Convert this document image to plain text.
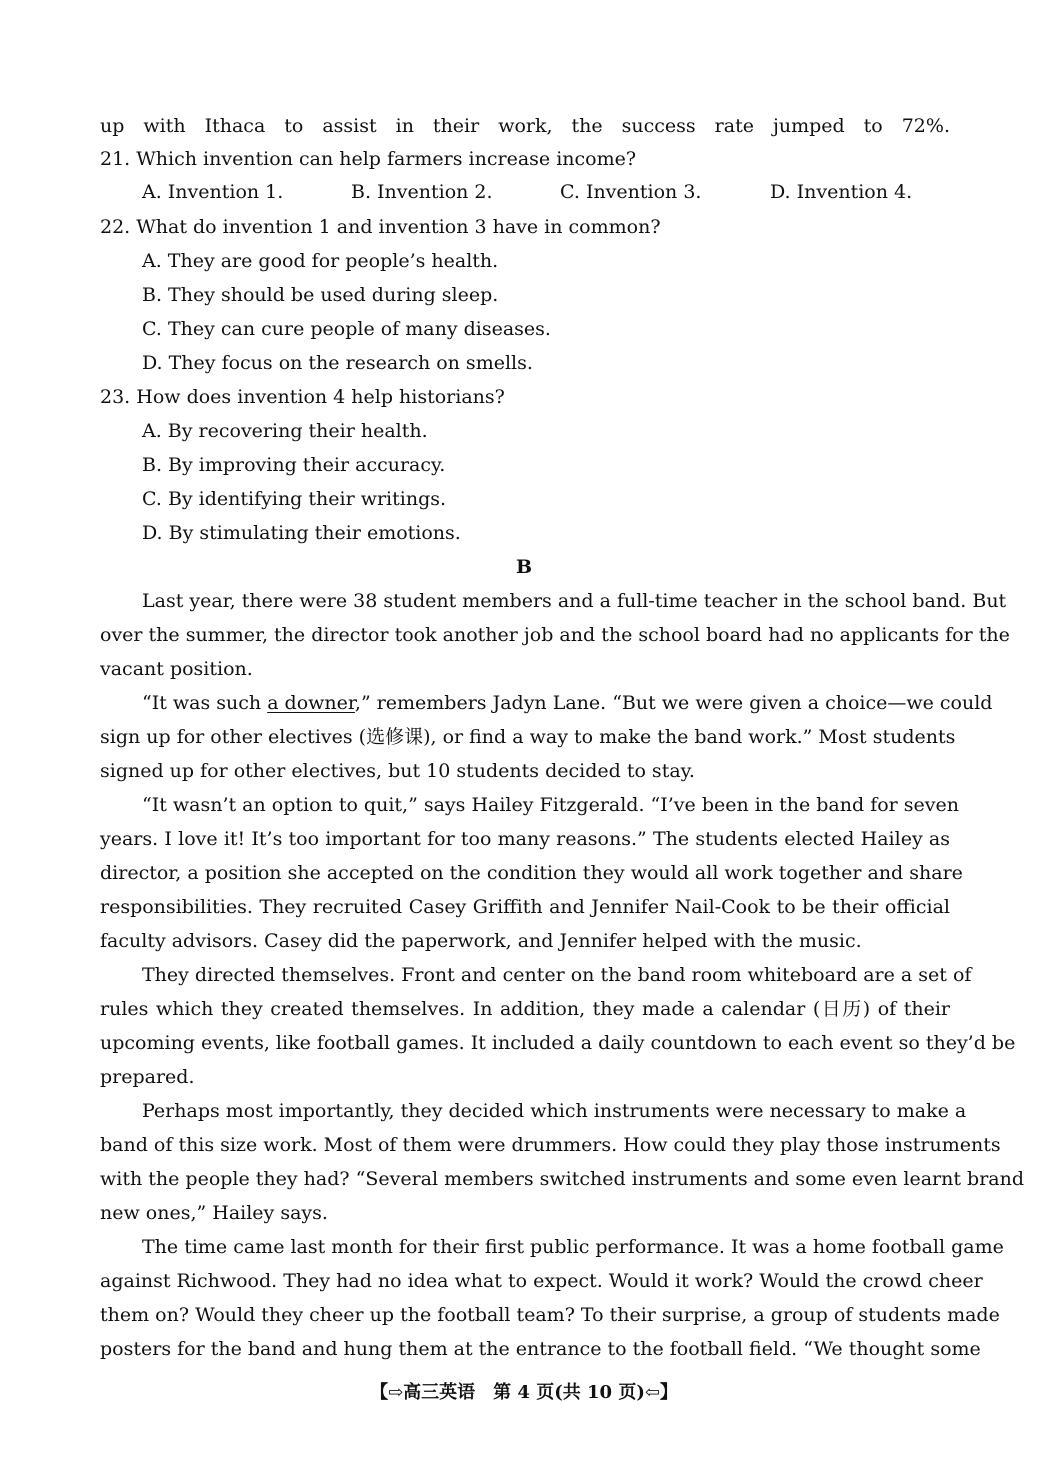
up with Ithaca to assist in their work, the success rate jumped to 72%.
21. Which invention can help farmers increase income?
A. Invention 1.	B. Invention 2.	C. Invention 3.	D. Invention 4.
22. What do invention 1 and invention 3 have in common?
A. They are good for people’s health.
B. They should be used during sleep.
C. They can cure people of many diseases.
D. They focus on the research on smells.
23. How does invention 4 help historians?
A. By recovering their health.
B. By improving their accuracy.
C. By identifying their writings.
D. By stimulating their emotions.
B
Last year, there were 38 student members and a full-time teacher in the school band. But
over the summer, the director took another job and the school board had no applicants for the
vacant position.
“It was such a downer,” remembers Jadyn Lane. “But we were given a choice—we could
sign up for other electives (选修课), or find a way to make the band work.” Most students
signed up for other electives, but 10 students decided to stay.
“It wasn’t an option to quit,” says Hailey Fitzgerald. “I’ve been in the band for seven
years. I love it! It’s too important for too many reasons.” The students elected Hailey as
director, a position she accepted on the condition they would all work together and share
responsibilities. They recruited Casey Griffith and Jennifer Nail-Cook to be their official
faculty advisors. Casey did the paperwork, and Jennifer helped with the music.
They directed themselves. Front and center on the band room whiteboard are a set of
rules which they created themselves. In addition, they made a calendar (日历) of their
upcoming events, like football games. It included a daily countdown to each event so they’d be
prepared.
Perhaps most importantly, they decided which instruments were necessary to make a
band of this size work. Most of them were drummers. How could they play those instruments
with the people they had? “Several members switched instruments and some even learnt brand
new ones,” Hailey says.
The time came last month for their first public performance. It was a home football game
against Richwood. They had no idea what to expect. Would it work? Would the crowd cheer
them on? Would they cheer up the football team? To their surprise, a group of students made
posters for the band and hung them at the entrance to the football field. “We thought some
【⇨高三英语　第 4 页(共 10 页)⇦】
